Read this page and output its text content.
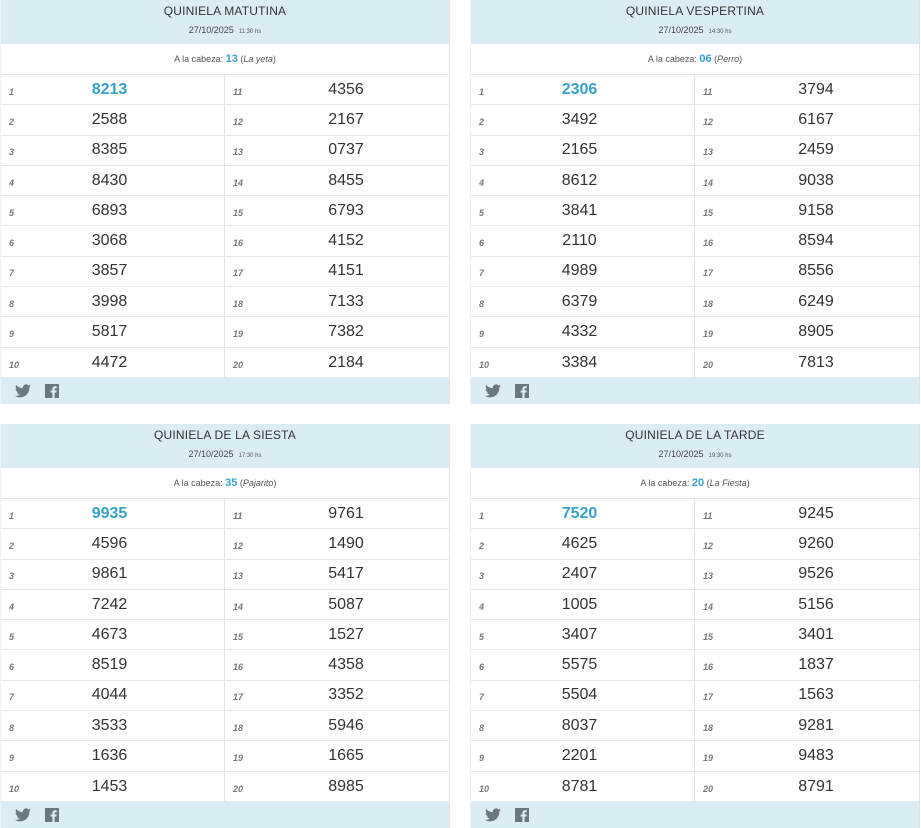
QUINIELA MATUTINA
27/10/2025 11:30 hs
A la cabeza: 13 (La yeta)
1	8213
2	2588
3	8385
4	8430
5	6893
6	3068
7	3857
8	3998
9	5817
10	4472
11	4356
12	2167
13	0737
14	8455
15	6793
16	4152
17	4151
18	7133
19	7382
20	2184
QUINIELA VESPERTINA
27/10/2025 14:30 hs
A la cabeza: 06 (Perro)
1	2306
2	3492
3	2165
4	8612
5	3841
6	2110
7	4989
8	6379
9	4332
10	3384
11	3794
12	6167
13	2459
14	9038
15	9158
16	8594
17	8556
18	6249
19	8905
20	7813
QUINIELA DE LA SIESTA
27/10/2025 17:30 hs
A la cabeza: 35 (Pajarito)
1	9935
2	4596
3	9861
4	7242
5	4673
6	8519
7	4044
8	3533
9	1636
10	1453
11	9761
12	1490
13	5417
14	5087
15	1527
16	4358
17	3352
18	5946
19	1665
20	8985
QUINIELA DE LA TARDE
27/10/2025 19:30 hs
A la cabeza: 20 (La Fiesta)
1	7520
2	4625
3	2407
4	1005
5	3407
6	5575
7	5504
8	8037
9	2201
10	8781
11	9245
12	9260
13	9526
14	5156
15	3401
16	1837
17	1563
18	9281
19	9483
20	8791
